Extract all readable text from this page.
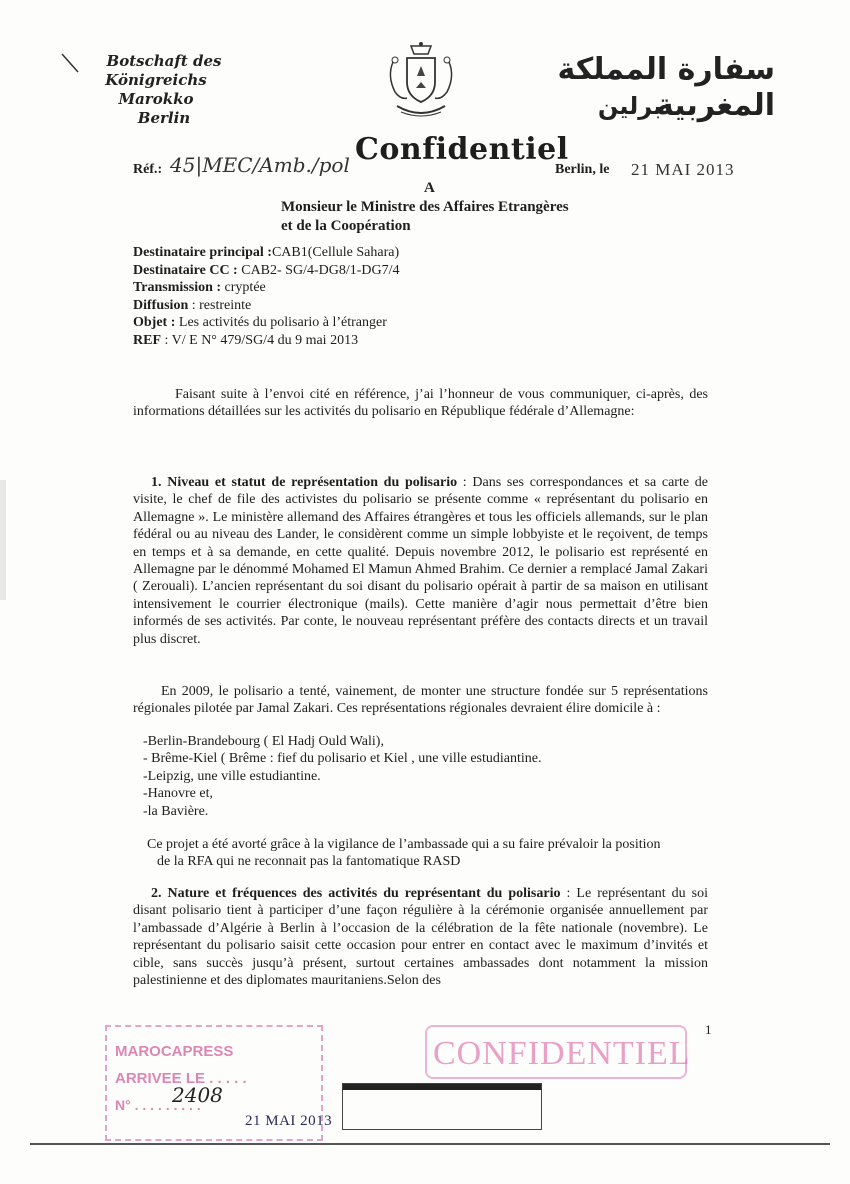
Botschaft des
Königreichs Marokko
Berlin
سفارة المملكة المغربية
برلين
Confidentiel
Réf.: 45|MEC/Amb./pol	Berlin, le 21 MAI 2013
A
Monsieur le Ministre des Affaires Etrangères
et de la Coopération
Destinataire principal :CAB1(Cellule Sahara)
Destinataire CC : CAB2- SG/4-DG8/1-DG7/4
Transmission : cryptée
Diffusion : restreinte
Objet : Les activités du polisario à l’étranger
REF : V/ E N° 479/SG/4 du 9 mai 2013

Faisant suite à l’envoi cité en référence, j’ai l’honneur de vous communiquer, ci-après, des informations détaillées sur les activités du polisario en République fédérale d’Allemagne:

1. Niveau et statut de représentation du polisario : Dans ses correspondances et sa carte de visite, le chef de file des activistes du polisario se présente comme « représentant du polisario en Allemagne ». Le ministère allemand des Affaires étrangères et tous les officiels allemands, sur le plan fédéral ou au niveau des Lander, le considèrent comme un simple lobbyiste et le reçoivent, de temps en temps et à sa demande, en cette qualité. Depuis novembre 2012, le polisario est représenté en Allemagne par le dénommé Mohamed El Mamun Ahmed Brahim. Ce dernier a remplacé Jamal Zakari ( Zerouali). L’ancien représentant du soi disant du polisario opérait à partir de sa maison en utilisant intensivement le courrier électronique (mails). Cette manière d’agir nous permettait d’être bien informés de ses activités. Par conte, le nouveau représentant préfère des contacts directs et un travail plus discret.

En 2009, le polisario a tenté, vainement, de monter une structure fondée sur 5 représentations régionales pilotée par Jamal Zakari. Ces représentations régionales devraient élire domicile à :

-Berlin-Brandebourg ( El Hadj Ould Wali),
- Brême-Kiel ( Brême : fief du polisario et Kiel , une ville estudiantine.
-Leipzig, une ville estudiantine.
-Hanovre et,
-la Bavière.
Ce projet a été avorté grâce à la vigilance de l’ambassade qui a su faire prévaloir la position
de la RFA qui ne reconnait pas la fantomatique RASD

2. Nature et fréquences des activités du représentant du polisario : Le représentant du soi disant polisario tient à participer d’une façon régulière à la cérémonie organisée annuellement par l’ambassade d’Algérie à Berlin à l’occasion de la célébration de la fête nationale (novembre). Le représentant du polisario saisit cette occasion pour entrer en contact avec le maximum d’invités et cible, sans succès jusqu’à présent, surtout certaines ambassades dont notamment la mission palestinienne et des diplomates mauritaniens.Selon des

1
MAROCAPRESS
ARRIVEE LE . . . . .
N° . . . . . . . . .
2408
21 MAI 2013
CONFIDENTIEL
